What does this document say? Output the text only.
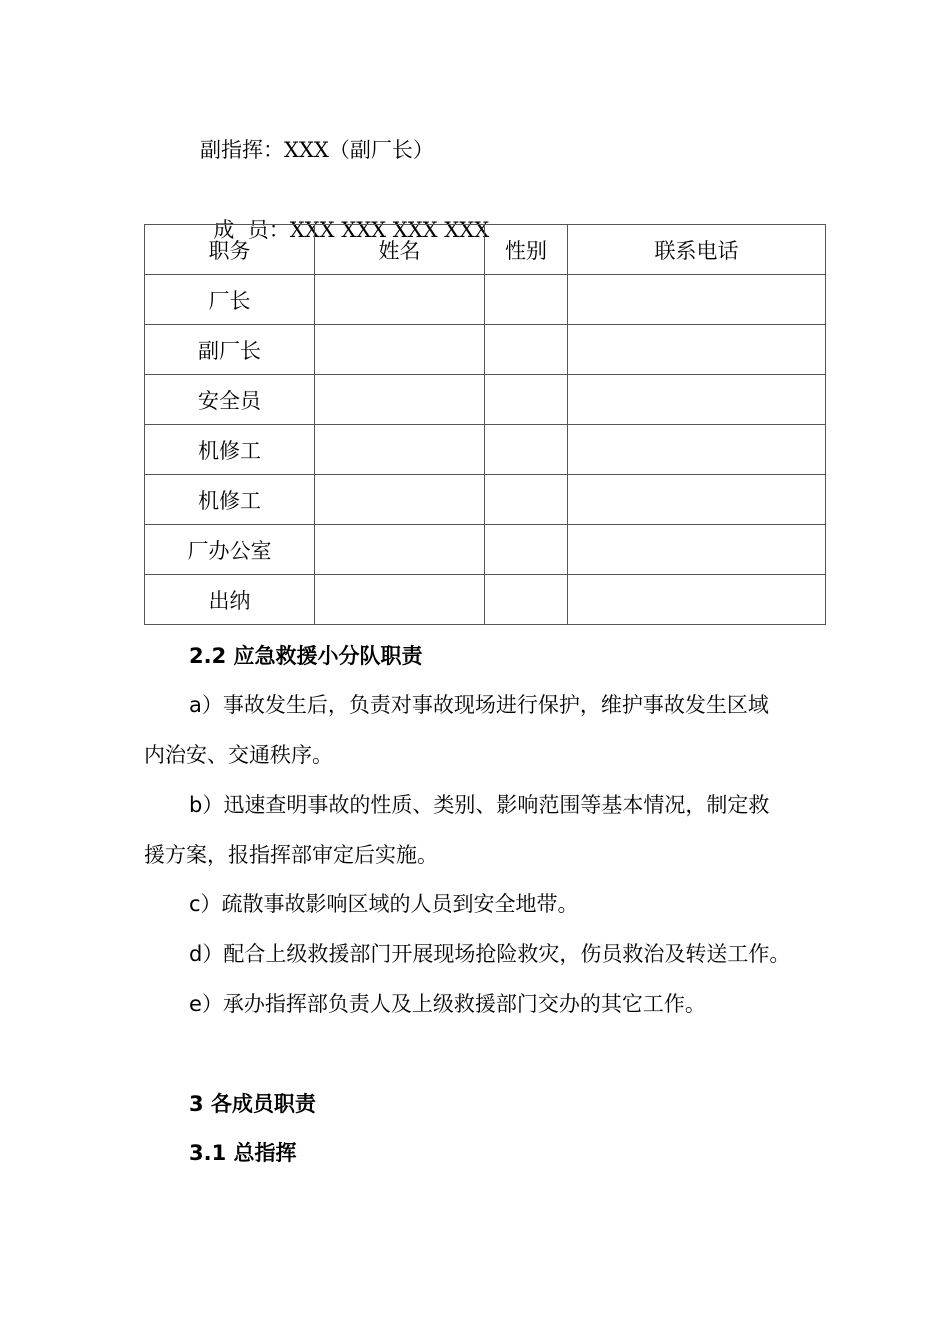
副指挥：XXX（副厂长）

成  员：XXX XXX XXX XXX

职务	姓名	性别	联系电话
厂长			
副厂长			
安全员			
机修工			
机修工			
厂办公室			
出纳			
2.2 应急救援小分队职责
a）事故发生后，负责对事故现场进行保护，维护事故发生区域
内治安、交通秩序。
b）迅速查明事故的性质、类别、影响范围等基本情况，制定救
援方案，报指挥部审定后实施。
c）疏散事故影响区域的人员到安全地带。
d）配合上级救援部门开展现场抢险救灾，伤员救治及转送工作。
e）承办指挥部负责人及上级救援部门交办的其它工作。
3 各成员职责
3.1 总指挥
